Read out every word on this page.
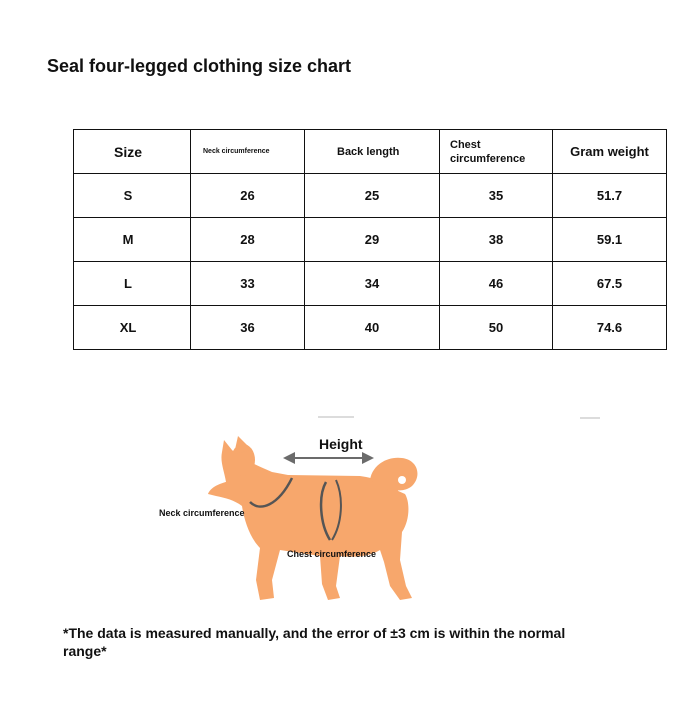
Seal four-legged clothing size chart
Size	Neck circumference	Back length	Chest circumference	Gram weight
S	26	25	35	51.7
M	28	29	38	59.1
L	33	34	46	67.5
XL	36	40	50	74.6
Height
Neck circumference
Chest circumference
*The data is measured manually, and the error of ±3 cm is within the normal range*
